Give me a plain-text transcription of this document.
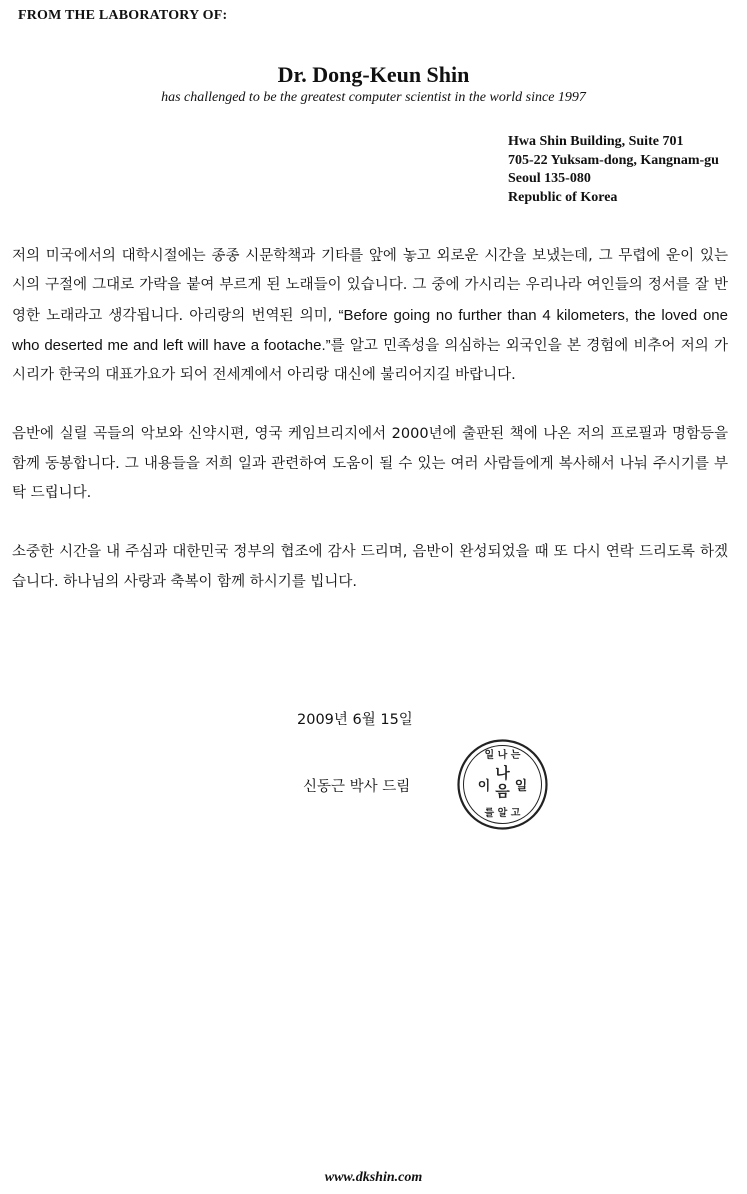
FROM THE LABORATORY OF:
Dr. Dong-Keun Shin
has challenged to be the greatest computer scientist in the world since 1997
Hwa Shin Building, Suite 701
705-22 Yuksam-dong, Kangnam-gu
Seoul 135-080
Republic of Korea

저의 미국에서의 대학시절에는 종종 시문학책과 기타를 앞에 놓고 외로운 시간을 보냈는데, 그 무렵에 운이 있는 시의 구절에 그대로 가락을 붙여 부르게 된 노래들이 있습니다. 그 중에 가시리는 우리나라 여인들의 정서를 잘 반영한 노래라고 생각됩니다. 아리랑의 번역된 의미, “Before going no further than 4 kilometers, the loved one who deserted me and left will have a footache.”를 알고 민족성을 의심하는 외국인을 본 경험에 비추어 저의 가시리가 한국의 대표가요가 되어 전세계에서 아리랑 대신에 불리어지길 바랍니다.

음반에 실릴 곡들의 악보와 신약시편, 영국 케임브리지에서 2000년에 출판된 책에 나온 저의 프로필과 명함등을 함께 동봉합니다. 그 내용들을 저희 일과 관련하여 도움이 될 수 있는 여러 사람들에게 복사해서 나눠 주시기를 부탁 드립니다.

소중한 시간을 내 주심과 대한민국 정부의 협조에 감사 드리며, 음반이 완성되었을 때 또 다시 연락 드리도록 하겠습니다. 하나님의 사랑과 축복이 함께 하시기를 빕니다.

2009년 6월 15일
신동근 박사 드림
나
음
이 일
일 나 는
를 알 고
www.dkshin.com
